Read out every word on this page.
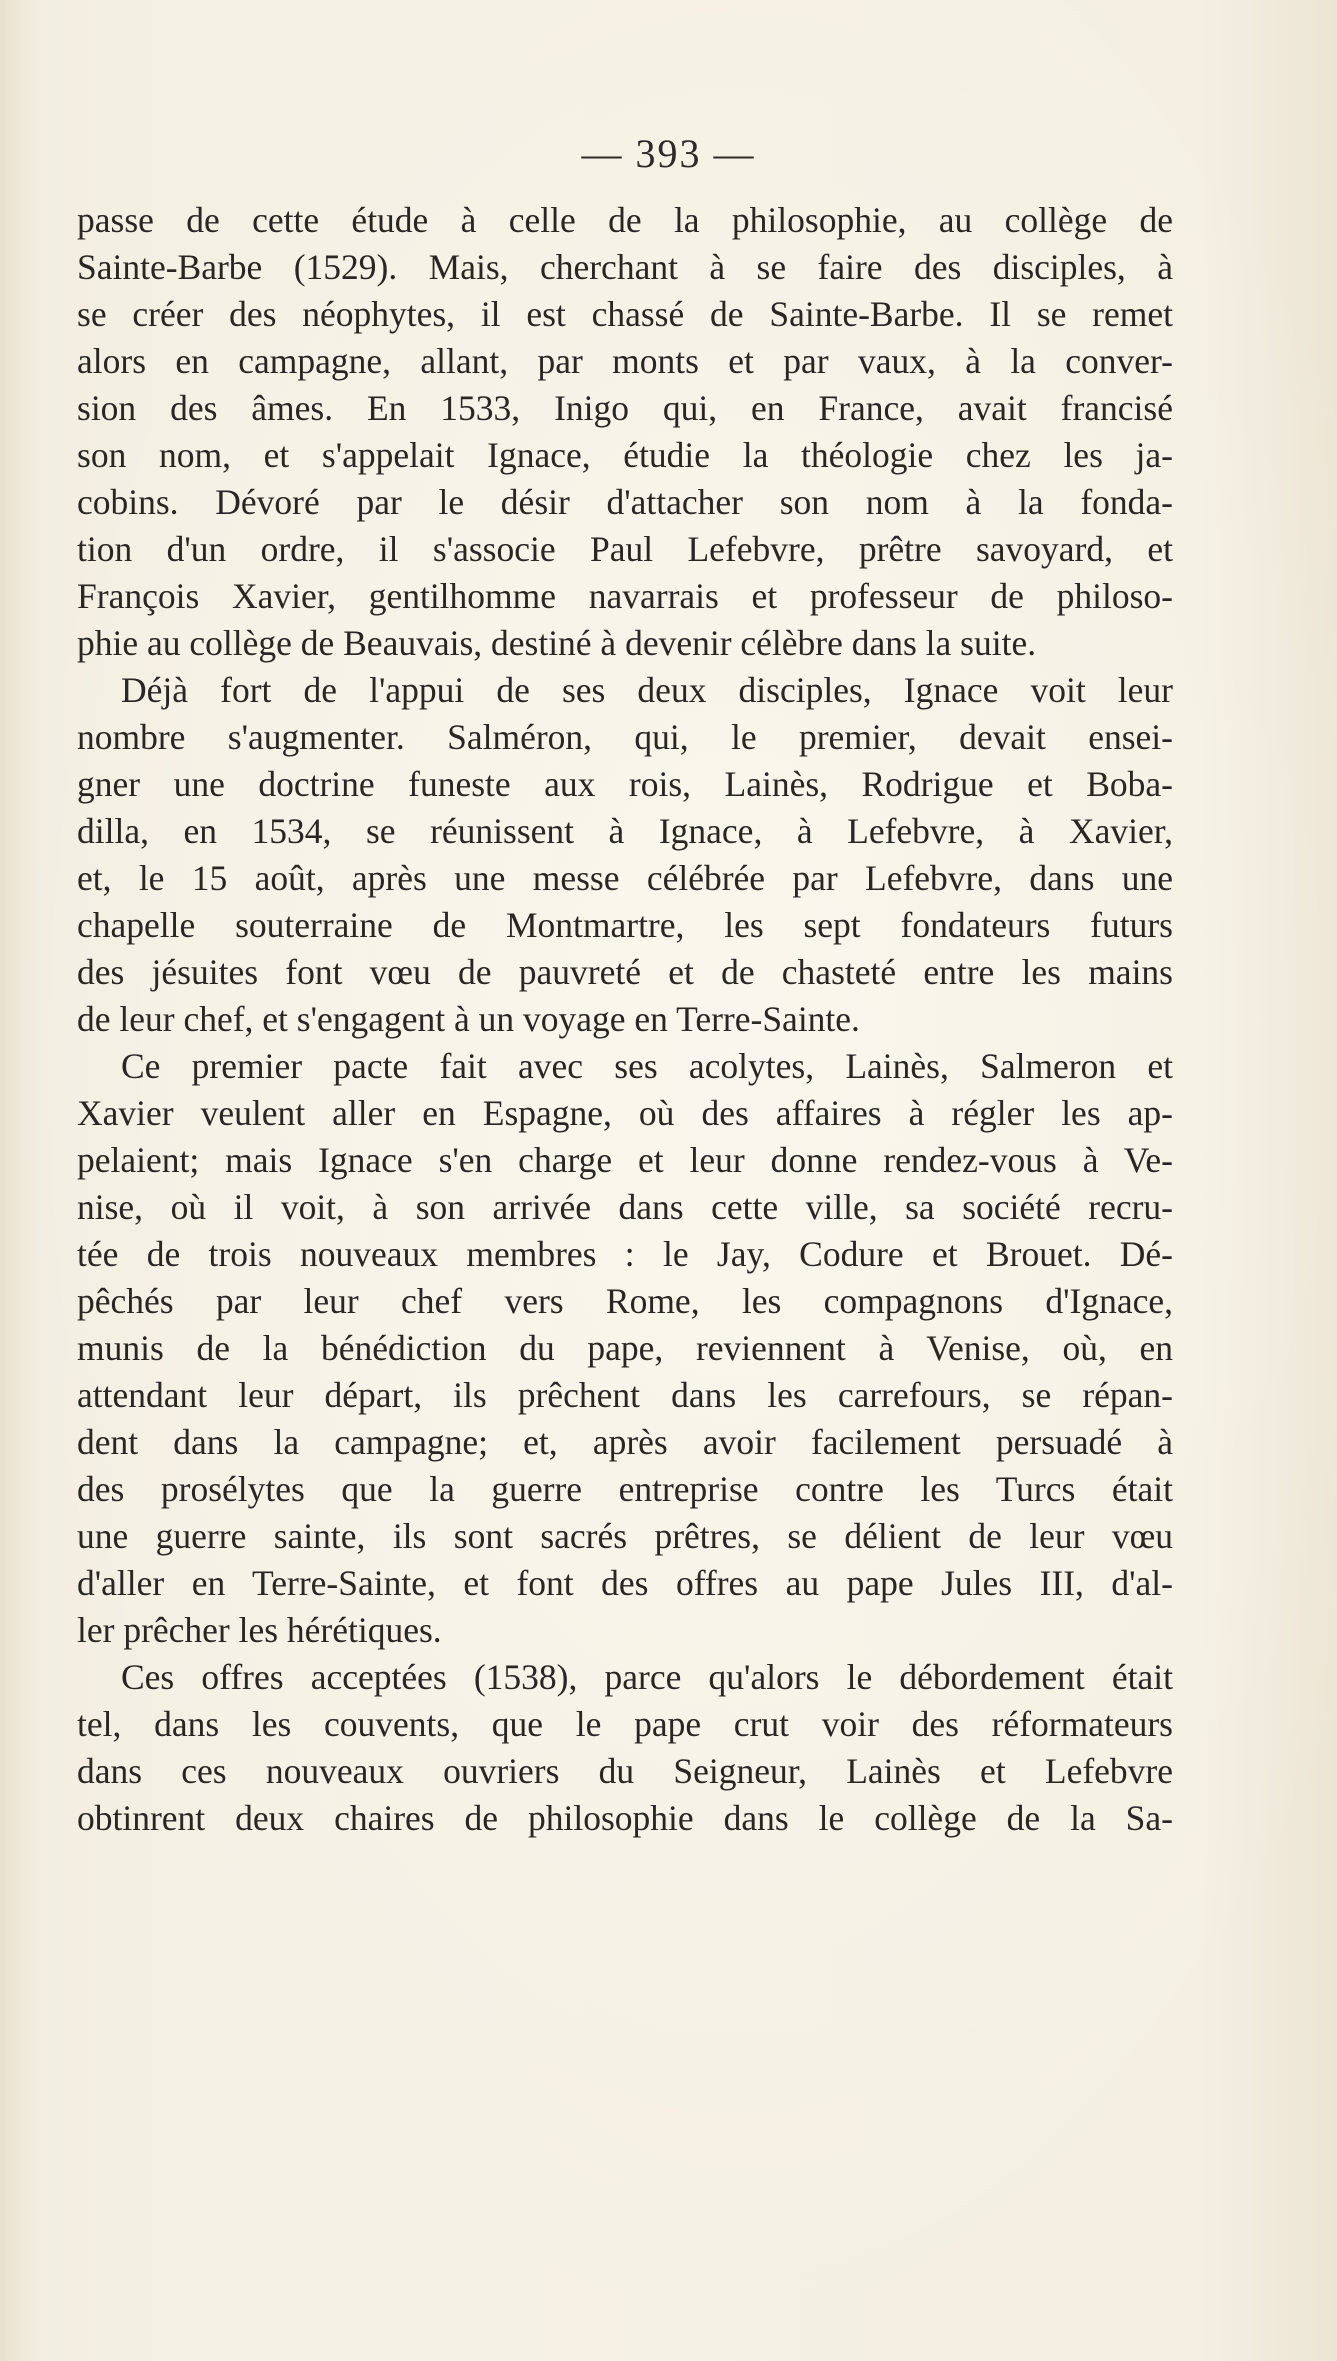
— 393 —
passe de cette étude à celle de la philosophie, au collège de
Sainte-Barbe (1529). Mais, cherchant à se faire des disciples, à
se créer des néophytes, il est chassé de Sainte-Barbe. Il se remet
alors en campagne, allant, par monts et par vaux, à la conver-
sion des âmes. En 1533, Inigo qui, en France, avait francisé
son nom, et s'appelait Ignace, étudie la théologie chez les ja-
cobins. Dévoré par le désir d'attacher son nom à la fonda-
tion d'un ordre, il s'associe Paul Lefebvre, prêtre savoyard, et
François Xavier, gentilhomme navarrais et professeur de philoso-
phie au collège de Beauvais, destiné à devenir célèbre dans la suite.
Déjà fort de l'appui de ses deux disciples, Ignace voit leur
nombre s'augmenter. Salméron, qui, le premier, devait ensei-
gner une doctrine funeste aux rois, Lainès, Rodrigue et Boba-
dilla, en 1534, se réunissent à Ignace, à Lefebvre, à Xavier,
et, le 15 août, après une messe célébrée par Lefebvre, dans une
chapelle souterraine de Montmartre, les sept fondateurs futurs
des jésuites font vœu de pauvreté et de chasteté entre les mains
de leur chef, et s'engagent à un voyage en Terre-Sainte.
Ce premier pacte fait avec ses acolytes, Lainès, Salmeron et
Xavier veulent aller en Espagne, où des affaires à régler les ap-
pelaient; mais Ignace s'en charge et leur donne rendez-vous à Ve-
nise, où il voit, à son arrivée dans cette ville, sa société recru-
tée de trois nouveaux membres : le Jay, Codure et Brouet. Dé-
pêchés par leur chef vers Rome, les compagnons d'Ignace,
munis de la bénédiction du pape, reviennent à Venise, où, en
attendant leur départ, ils prêchent dans les carrefours, se répan-
dent dans la campagne; et, après avoir facilement persuadé à
des prosélytes que la guerre entreprise contre les Turcs était
une guerre sainte, ils sont sacrés prêtres, se délient de leur vœu
d'aller en Terre-Sainte, et font des offres au pape Jules III, d'al-
ler prêcher les hérétiques.
Ces offres acceptées (1538), parce qu'alors le débordement était
tel, dans les couvents, que le pape crut voir des réformateurs
dans ces nouveaux ouvriers du Seigneur, Lainès et Lefebvre
obtinrent deux chaires de philosophie dans le collège de la Sa-
